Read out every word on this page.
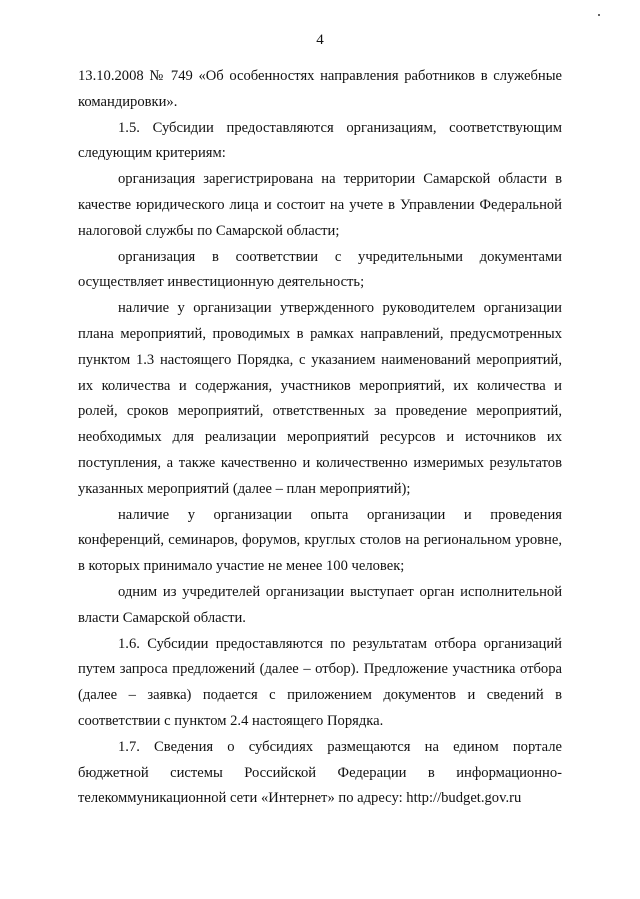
4

13.10.2008 № 749 «Об особенностях направления работников в служебные командировки».

1.5. Субсидии предоставляются организациям, соответствующим следующим критериям:

организация зарегистрирована на территории Самарской области в качестве юридического лица и состоит на учете в Управлении Федеральной налоговой службы по Самарской области;

организация в соответствии с учредительными документами осуществляет инвестиционную деятельность;

наличие у организации утвержденного руководителем организации плана мероприятий, проводимых в рамках направлений, предусмотренных пунктом 1.3 настоящего Порядка, с указанием наименований мероприятий, их количества и содержания, участников мероприятий, их количества и ролей, сроков мероприятий, ответственных за проведение мероприятий, необходимых для реализации мероприятий ресурсов и источников их поступления, а также качественно и количественно измеримых результатов указанных мероприятий (далее – план мероприятий);

наличие у организации опыта организации и проведения конференций, семинаров, форумов, круглых столов на региональном уровне, в которых принимало участие не менее 100 человек;

одним из учредителей организации выступает орган исполнительной власти Самарской области.

1.6. Субсидии предоставляются по результатам отбора организаций путем запроса предложений (далее – отбор). Предложение участника отбора (далее – заявка) подается с приложением документов и сведений в соответствии с пунктом 2.4 настоящего Порядка.

1.7. Сведения о субсидиях размещаются на едином портале бюджетной системы Российской Федерации в информационно-телекоммуникационной сети «Интернет» по адресу: http://budget.gov.ru
